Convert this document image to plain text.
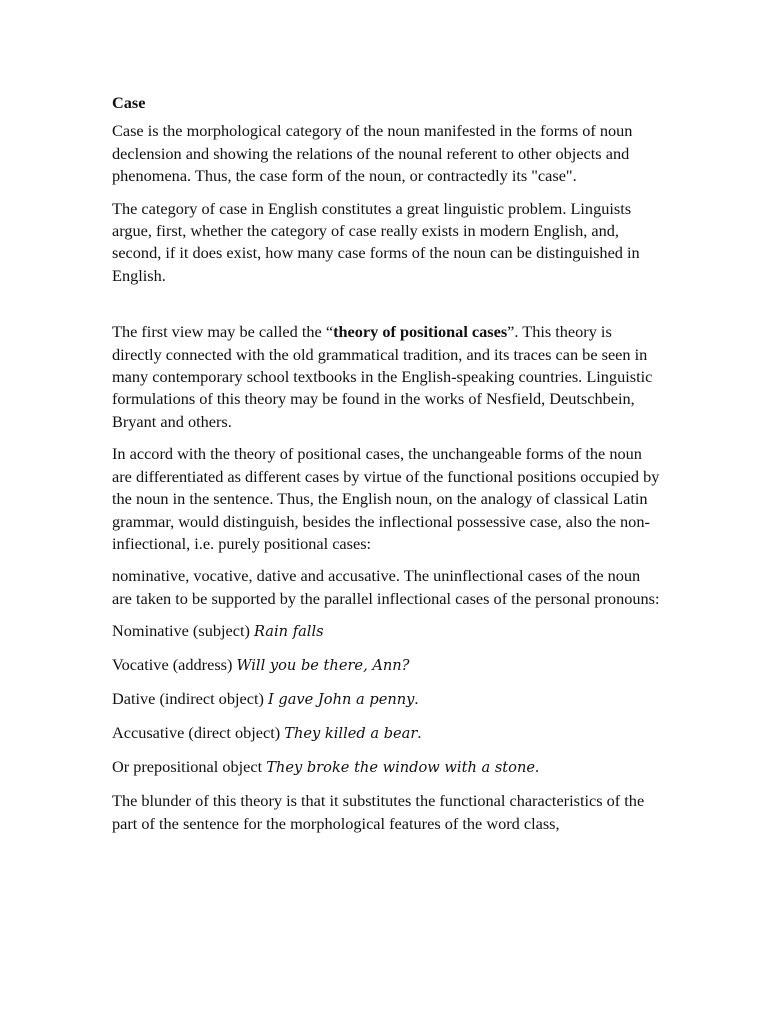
Case

Case is the morphological category of the noun manifested in the forms of noun declension and showing the relations of the nounal referent to other objects and phenomena. Thus, the case form of the noun, or contractedly its "case".

The category of case in English constitutes a great linguistic problem. Linguists argue, first, whether the category of case really exists in modern English, and, second, if it does exist, how many case forms of the noun can be distinguished in English.

The first view may be called the “theory of positional cases”. This theory is directly connected with the old grammatical tradition, and its traces can be seen in many contemporary school textbooks in the English-speaking countries. Linguistic formulations of this theory may be found in the works of Nesfield, Deutschbein, Bryant and others.

In accord with the theory of positional cases, the unchangeable forms of the noun are differentiated as different cases by virtue of the functional positions occupied by the noun in the sentence. Thus, the English noun, on the analogy of classical Latin grammar, would distinguish, besides the inflectional possessive case, also the non-infiectional, i.e. purely positional cases:

nominative, vocative, dative and accusative. The uninflectional cases of the noun are taken to be supported by the parallel inflectional cases of the personal pronouns:

Nominative (subject) Rain falls

Vocative (address) Will you be there, Ann?

Dative (indirect object) I gave John a penny.

Accusative (direct object) They killed a bear.

Or prepositional object They broke the window with a stone.

The blunder of this theory is that it substitutes the functional characteristics of the part of the sentence for the morphological features of the word class,
